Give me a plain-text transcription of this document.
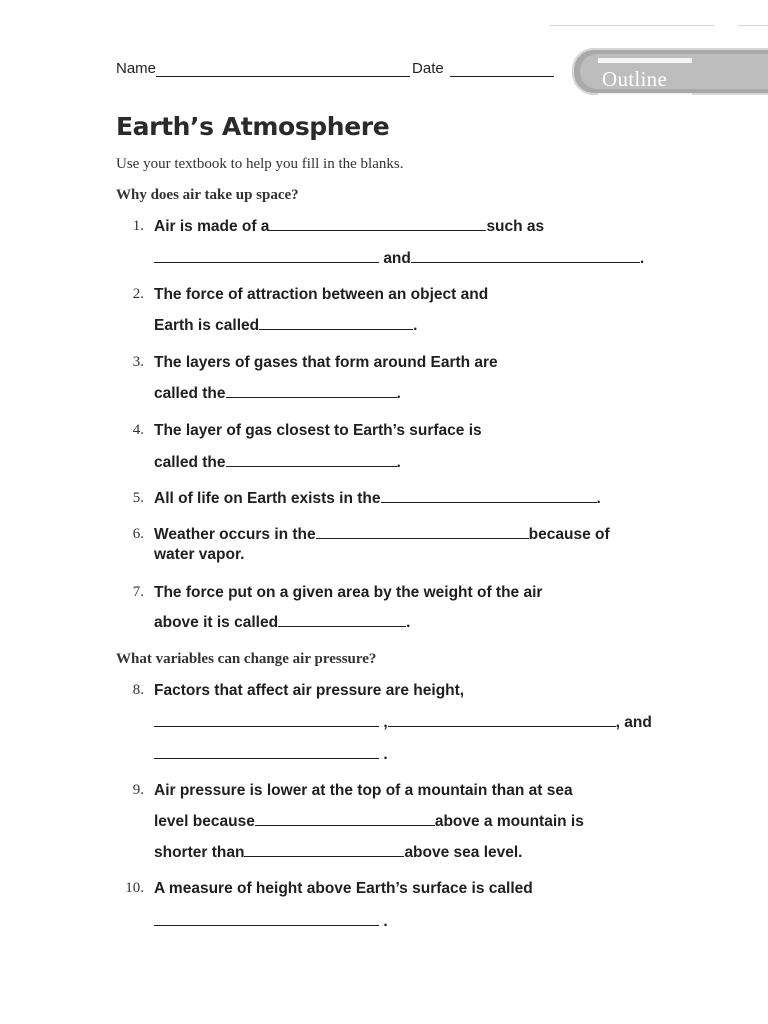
Name	Date	Outline
Earth’s Atmosphere
Use your textbook to help you fill in the blanks.
Why does air take up space?
1. Air is made of a	such as
and	.
2. The force of attraction between an object and
Earth is called	.
3. The layers of gases that form around Earth are
called the	.
4. The layer of gas closest to Earth’s surface is
called the	.
5. All of life on Earth exists in the	.
6. Weather occurs in the	because of
water vapor.
7. The force put on a given area by the weight of the air
above it is called	.
What variables can change air pressure?
8. Factors that affect air pressure are height,
,	, and
.
9. Air pressure is lower at the top of a mountain than at sea
level because	above a mountain is
shorter than	above sea level.
10. A measure of height above Earth’s surface is called
.
